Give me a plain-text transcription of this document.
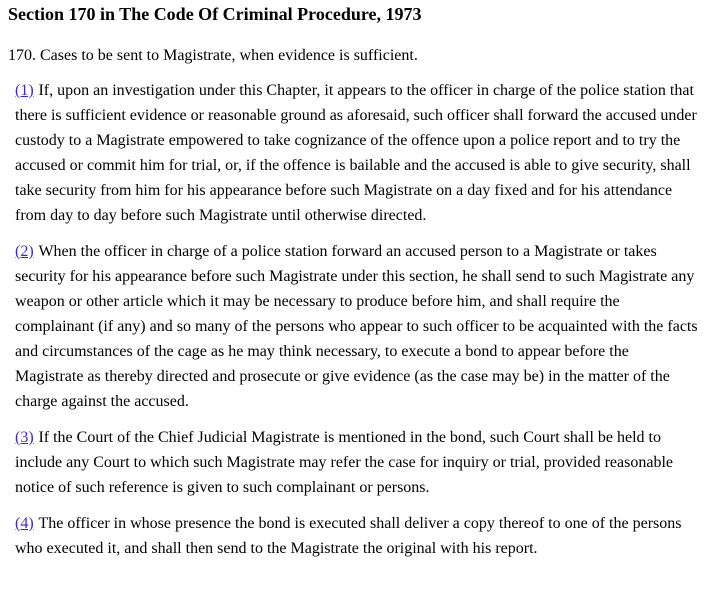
Section 170 in The Code Of Criminal Procedure, 1973

170. Cases to be sent to Magistrate, when evidence is sufficient.

(1) If, upon an investigation under this Chapter, it appears to the officer in charge of the police station that there is sufficient evidence or reasonable ground as aforesaid, such officer shall forward the accused under custody to a Magistrate empowered to take cognizance of the offence upon a police report and to try the accused or commit him for trial, or, if the offence is bailable and the accused is able to give security, shall take security from him for his appearance before such Magistrate on a day fixed and for his attendance from day to day before such Magistrate until otherwise directed.

(2) When the officer in charge of a police station forward an accused person to a Magistrate or takes security for his appearance before such Magistrate under this section, he shall send to such Magistrate any weapon or other article which it may be necessary to produce before him, and shall require the complainant (if any) and so many of the persons who appear to such officer to be acquainted with the facts and circumstances of the cage as he may think necessary, to execute a bond to appear before the Magistrate as thereby directed and prosecute or give evidence (as the case may be) in the matter of the charge against the accused.

(3) If the Court of the Chief Judicial Magistrate is mentioned in the bond, such Court shall be held to include any Court to which such Magistrate may refer the case for inquiry or trial, provided reasonable notice of such reference is given to such complainant or persons.

(4) The officer in whose presence the bond is executed shall deliver a copy thereof to one of the persons who executed it, and shall then send to the Magistrate the original with his report.
